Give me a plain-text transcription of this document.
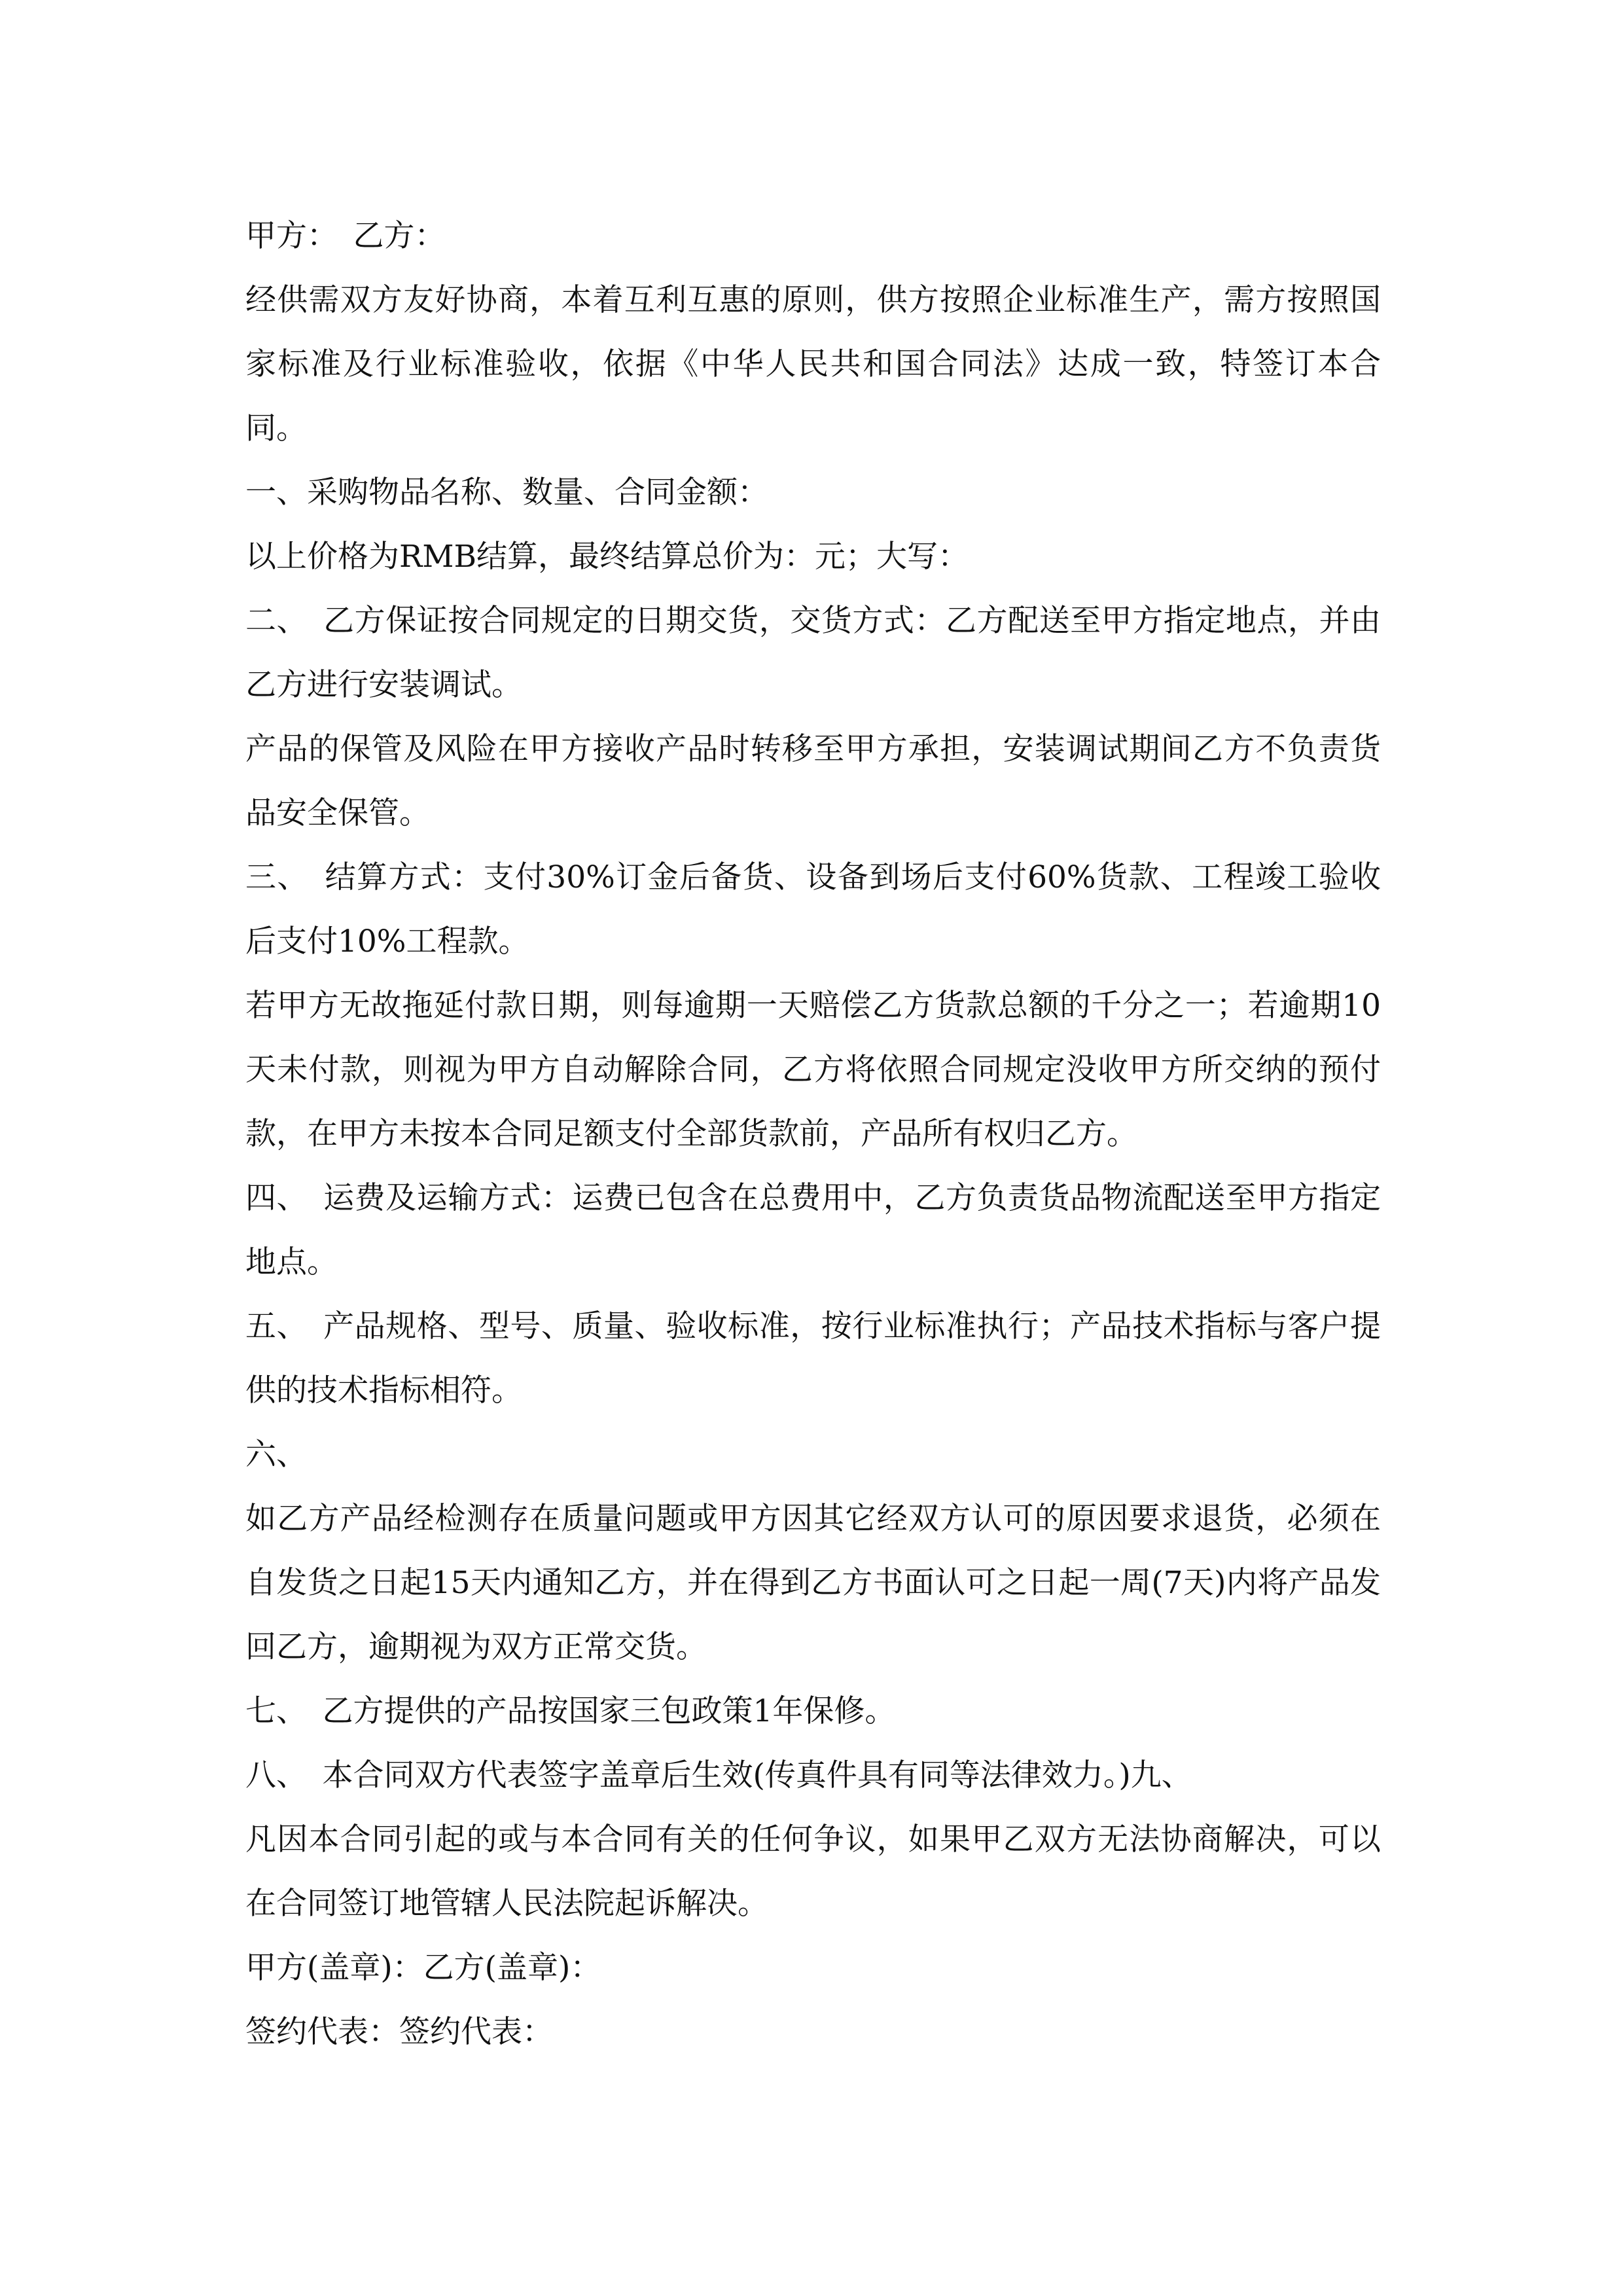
甲方：　乙方：

经供需双方友好协商，本着互利互惠的原则，供方按照企业标准生产，需方按照国家标准及行业标准验收，依据《中华人民共和国合同法》达成一致，特签订本合同。

一、采购物品名称、数量、合同金额：

以上价格为RMB结算，最终结算总价为：元；大写：

二、　乙方保证按合同规定的日期交货，交货方式：乙方配送至甲方指定地点，并由乙方进行安装调试。

产品的保管及风险在甲方接收产品时转移至甲方承担，安装调试期间乙方不负责货品安全保管。

三、　结算方式：支付30%订金后备货、设备到场后支付60%货款、工程竣工验收后支付10%工程款。

若甲方无故拖延付款日期，则每逾期一天赔偿乙方货款总额的千分之一；若逾期10天未付款，则视为甲方自动解除合同，乙方将依照合同规定没收甲方所交纳的预付款，在甲方未按本合同足额支付全部货款前，产品所有权归乙方。

四、　运费及运输方式：运费已包含在总费用中，乙方负责货品物流配送至甲方指定地点。

五、　产品规格、型号、质量、验收标准，按行业标准执行；产品技术指标与客户提供的技术指标相符。

六、

如乙方产品经检测存在质量问题或甲方因其它经双方认可的原因要求退货，必须在自发货之日起15天内通知乙方，并在得到乙方书面认可之日起一周(7天)内将产品发回乙方，逾期视为双方正常交货。

七、　乙方提供的产品按国家三包政策1年保修。

八、　本合同双方代表签字盖章后生效(传真件具有同等法律效力。)九、

凡因本合同引起的或与本合同有关的任何争议，如果甲乙双方无法协商解决，可以在合同签订地管辖人民法院起诉解决。

甲方(盖章)：乙方(盖章)：

签约代表：签约代表：
